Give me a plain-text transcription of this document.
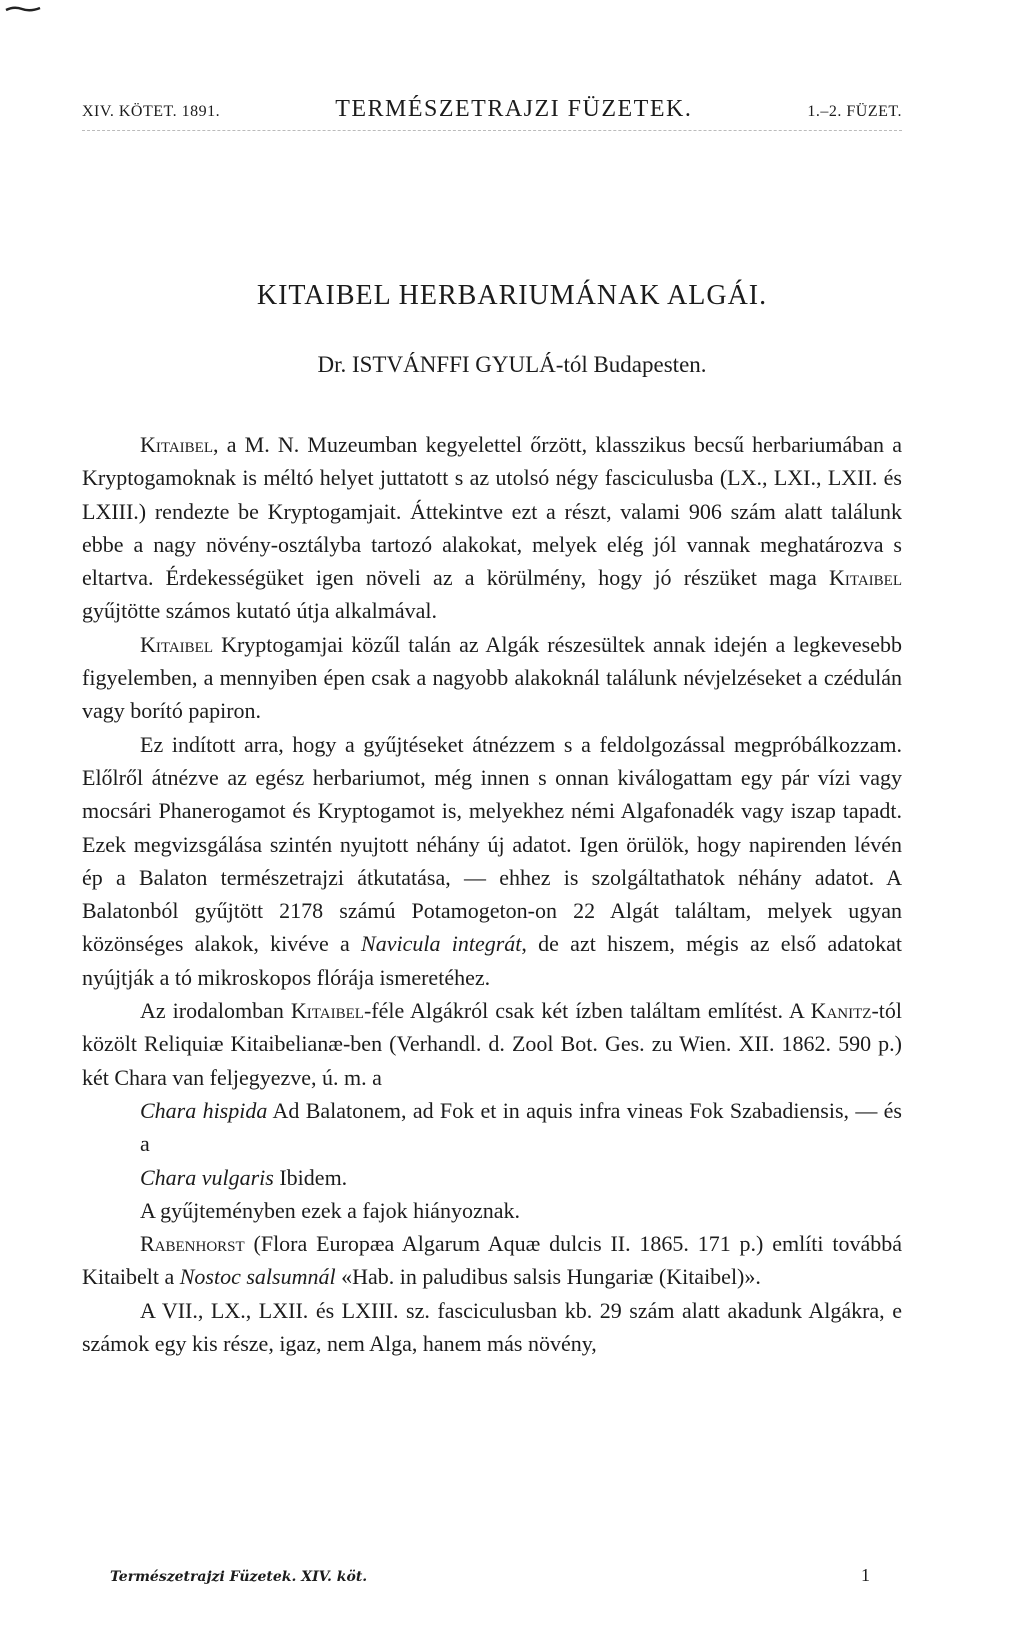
XIV. KÖTET. 1891.	TERMÉSZETRAJZI FÜZETEK.	1.–2. FÜZET.
KITAIBEL HERBARIUMÁNAK ALGÁI.
Dr. ISTVÁNFFI GYULÁ-tól Budapesten.

Kitaibel, a M. N. Muzeumban kegyelettel őrzött, klasszikus becsű herbariumában a Kryptogamoknak is méltó helyet juttatott s az utolsó négy fasciculusba (LX., LXI., LXII. és LXIII.) rendezte be Kryptogamjait. Áttekintve ezt a részt, valami 906 szám alatt találunk ebbe a nagy növény-osztályba tartozó alakokat, melyek elég jól vannak meghatározva s eltartva. Érdekességüket igen növeli az a körülmény, hogy jó részüket maga Kitaibel gyűjtötte számos kutató útja alkalmával.

Kitaibel Kryptogamjai közűl talán az Algák részesültek annak idején a legkevesebb figyelemben, a mennyiben épen csak a nagyobb alakoknál találunk névjelzéseket a czédulán vagy borító papiron.

Ez indított arra, hogy a gyűjtéseket átnézzem s a feldolgozással megpróbálkozzam. Előlről átnézve az egész herbariumot, még innen s onnan kiválogattam egy pár vízi vagy mocsári Phanerogamot és Kryptogamot is, melyekhez némi Algafonadék vagy iszap tapadt. Ezek megvizsgálása szintén nyujtott néhány új adatot. Igen örülök, hogy napirenden lévén ép a Balaton természetrajzi átkutatása, — ehhez is szolgáltathatok néhány adatot. A Balatonból gyűjtött 2178 számú Potamogeton-on 22 Algát találtam, melyek ugyan közönséges alakok, kivéve a Navicula integrát, de azt hiszem, mégis az első adatokat nyújtják a tó mikroskopos flórája ismeretéhez.

Az irodalomban Kitaibel-féle Algákról csak két ízben találtam említést. A Kanitz-tól közölt Reliquiæ Kitaibelianæ-ben (Verhandl. d. Zool Bot. Ges. zu Wien. XII. 1862. 590 p.) két Chara van feljegyezve, ú. m. a

Chara hispida Ad Balatonem, ad Fok et in aquis infra vineas Fok Szabadiensis, — és a

Chara vulgaris Ibidem.

A gyűjteményben ezek a fajok hiányoznak.

Rabenhorst (Flora Europæa Algarum Aquæ dulcis II. 1865. 171 p.) említi továbbá Kitaibelt a Nostoc salsumnál «Hab. in paludibus salsis Hungariæ (Kitaibel)».

A VII., LX., LXII. és LXIII. sz. fasciculusban kb. 29 szám alatt akadunk Algákra, e számok egy kis része, igaz, nem Alga, hanem más növény,

Természetrajzi Füzetek. XIV. köt.	1
